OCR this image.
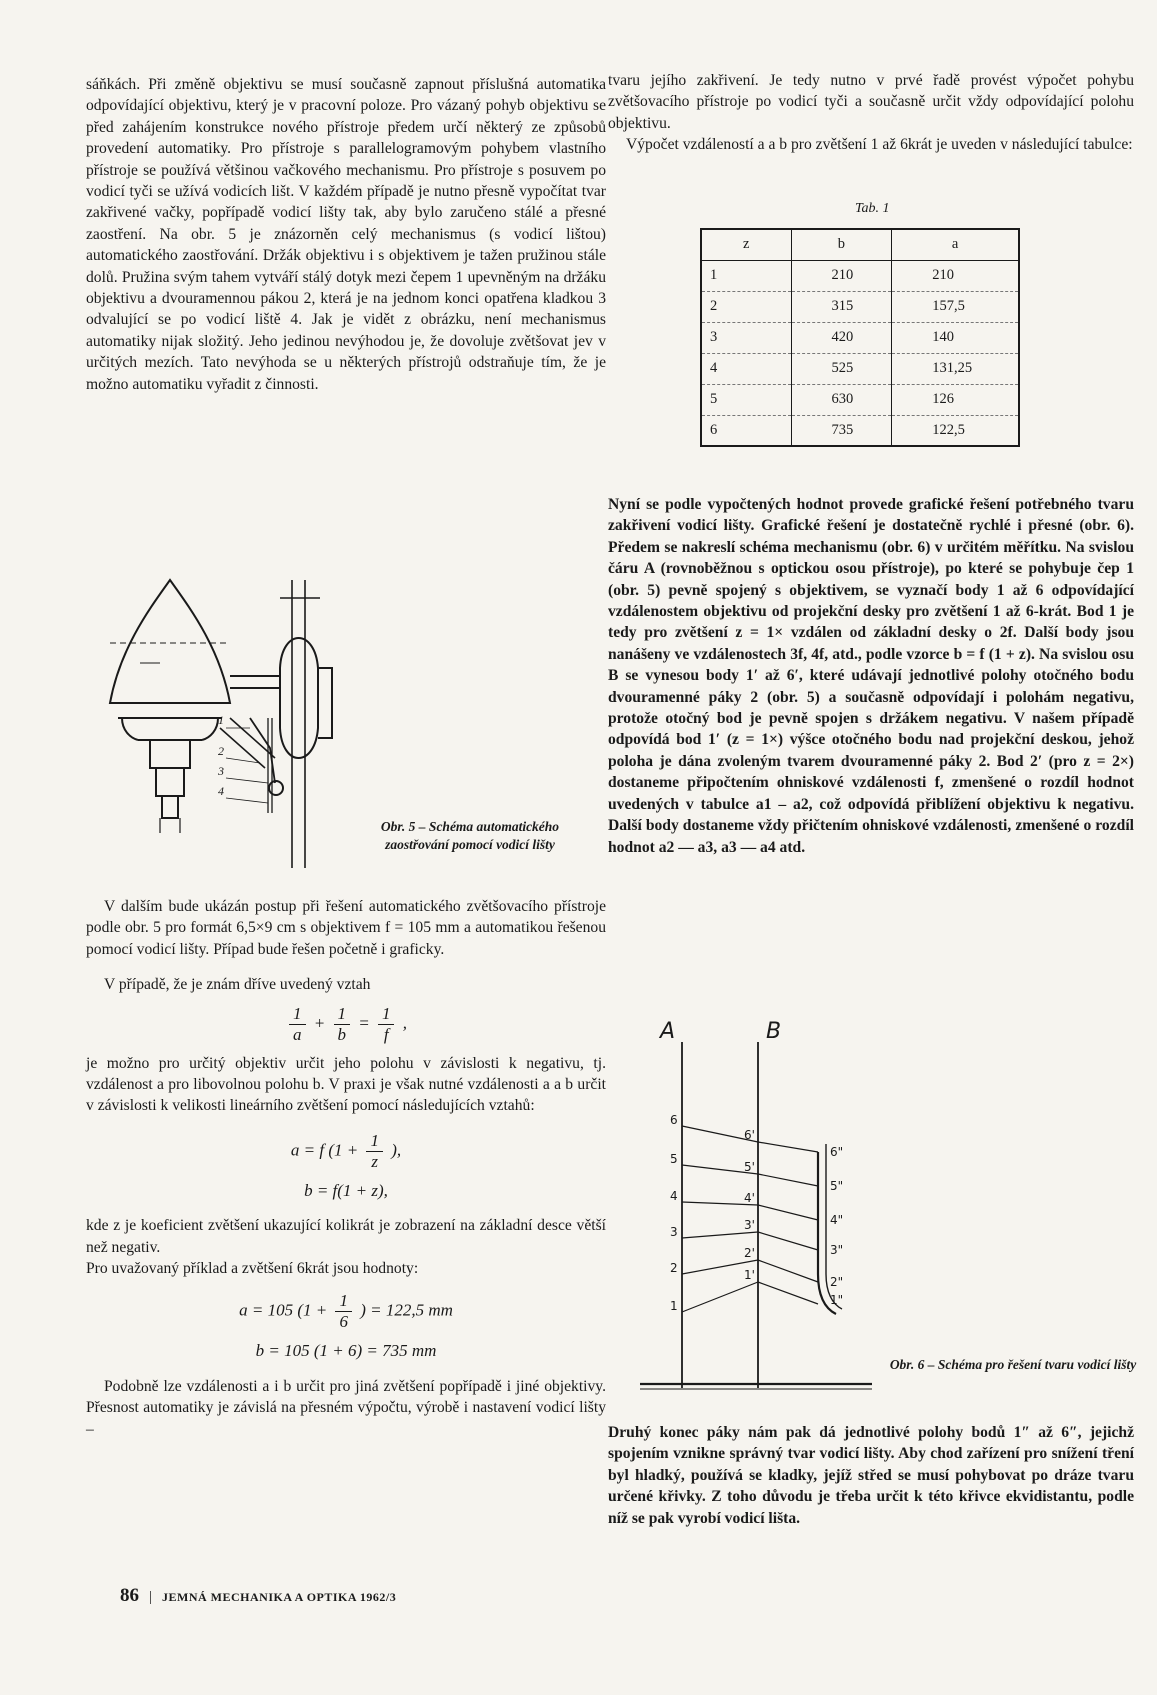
sáňkách. Při změně objektivu se musí současně zapnout příslušná automatika odpovídající objektivu, který je v pracovní poloze. Pro vázaný pohyb objektivu se před zahájením konstrukce nového přístroje předem určí některý ze způsobů provedení automatiky. Pro přístroje s parallelogramovým pohybem vlastního přístroje se používá většinou vačkového mechanismu. Pro přístroje s posuvem po vodicí tyči se užívá vodicích lišt. V každém případě je nutno přesně vypočítat tvar zakřivené vačky, popřípadě vodicí lišty tak, aby bylo zaručeno stálé a přesné zaostření. Na obr. 5 je znázorněn celý mechanismus (s vodicí lištou) automatického zaostřování. Držák objektivu i s objektivem je tažen pružinou stále dolů. Pružina svým tahem vytváří stálý dotyk mezi čepem 1 upevněným na držáku objektivu a dvouramennou pákou 2, která je na jednom konci opatřena kladkou 3 odvalující se po vodicí liště 4. Jak je vidět z obrázku, není mechanismus automatiky nijak složitý. Jeho jedinou nevýhodou je, že dovoluje zvětšovat jev v určitých mezích. Tato nevýhoda se u některých přístrojů odstraňuje tím, že je možno automatiku vyřadit z činnosti.

1
2
3
4
Obr. 5 – Schéma automatického zaostřování pomocí vodicí lišty

V dalším bude ukázán postup při řešení automatického zvětšovacího přístroje podle obr. 5 pro formát 6,5×9 cm s objektivem f = 105 mm a automatikou řešenou pomocí vodicí lišty. Případ bude řešen početně i graficky.

V případě, že je znám dříve uvedený vztah

$\frac{1}{a} + \frac{1}{b} = \frac{1}{f}$ ,

je možno pro určitý objektiv určit jeho polohu v závislosti k negativu, tj. vzdálenost a pro libovolnou polohu b. V praxi je však nutné vzdálenosti a a b určit v závislosti k velikosti lineárního zvětšení pomocí následujících vztahů:

a = f ($1 + \frac{1}{z}$ ),
b = f(1 + z),

kde z je koeficient zvětšení ukazující kolikrát je zobrazení na základní desce větší než negativ.

Pro uvažovaný příklad a zvětšení 6krát jsou hodnoty:

a = 105 ($1 + \frac{1}{6}$ ) = 122,5 mm
b = 105 (1 + 6) = 735 mm

Podobně lze vzdálenosti a i b určit pro jiná zvětšení popřípadě i jiné objektivy. Přesnost automatiky je závislá na přesném výpočtu, výrobě i nastavení vodicí lišty –

tvaru jejího zakřivení. Je tedy nutno v prvé řadě provést výpočet pohybu zvětšovacího přístroje po vodicí tyči a současně určit vždy odpovídající polohu objektivu.

Výpočet vzdáleností a a b pro zvětšení 1 až 6krát je uveden v následující tabulce:

Tab. 1
z	b	a
1	210	210
2	315	157,5
3	420	140
4	525	131,25
5	630	126
6	735	122,5

Nyní se podle vypočtených hodnot provede grafické řešení potřebného tvaru zakřivení vodicí lišty. Grafické řešení je dostatečně rychlé i přesné (obr. 6). Předem se nakreslí schéma mechanismu (obr. 6) v určitém měřítku. Na svislou čáru A (rovnoběžnou s optickou osou přístroje), po které se pohybuje čep 1 (obr. 5) pevně spojený s objektivem, se vyznačí body 1 až 6 odpovídající vzdálenostem objektivu od projekční desky pro zvětšení 1 až 6-krát. Bod 1 je tedy pro zvětšení z = 1× vzdálen od základní desky o 2f. Další body jsou nanášeny ve vzdálenostech 3f, 4f, atd., podle vzorce b = f (1 + z). Na svislou osu B se vynesou body 1′ až 6′, které udávají jednotlivé polohy otočného bodu dvouramenné páky 2 (obr. 5) a současně odpovídají i polohám negativu, protože otočný bod je pevně spojen s držákem negativu. V našem případě odpovídá bod 1′ (z = 1×) výšce otočného bodu nad projekční deskou, jehož poloha je dána zvoleným tvarem dvouramenné páky 2. Bod 2′ (pro z = 2×) dostaneme připočtením ohniskové vzdálenosti f, zmenšené o rozdíl hodnot uvedených v tabulce a1 – a2, což odpovídá přiblížení objektivu k negativu. Další body dostaneme vždy přičtením ohniskové vzdálenosti, zmenšené o rozdíl hodnot a2 — a3, a3 — a4 atd.

A	B
1
2
3
4
5
6
1'
2'
3'
4'
5'
6'
1"
2"
3"
4"
5"
6"
Obr. 6 – Schéma pro řešení tvaru vodicí lišty

Druhý konec páky nám pak dá jednotlivé polohy bodů 1″ až 6″, jejichž spojením vznikne správný tvar vodicí lišty. Aby chod zařízení pro snížení tření byl hladký, používá se kladky, jejíž střed se musí pohybovat po dráze tvaru určené křivky. Z toho důvodu je třeba určit k této křivce ekvidistantu, podle níž se pak vyrobí vodicí lišta.

86 | JEMNÁ MECHANIKA A OPTIKA 1962/3
